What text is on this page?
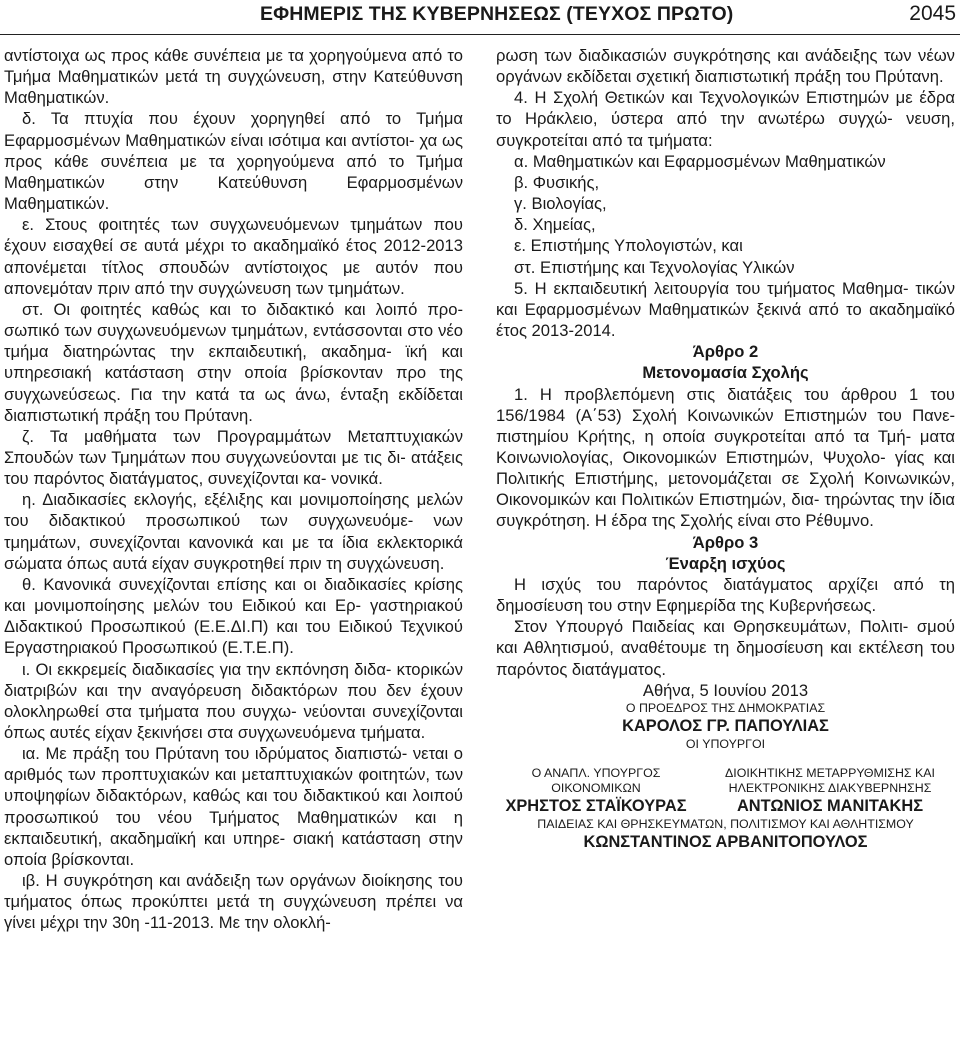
ΕΦΗΜΕΡΙΣ ΤΗΣ ΚΥΒΕΡΝΗΣΕΩΣ (ΤΕΥΧΟΣ ΠΡΩΤΟ)	2045

αντίστοιχα ως προς κάθε συνέπεια με τα χορηγούμενα από το Τμήμα Μαθηματικών μετά τη συγχώνευση, στην Κατεύθυνση Μαθηματικών.

δ. Τα πτυχία που έχουν χορηγηθεί από το Τμήμα Εφαρμοσμένων Μαθηματικών είναι ισότιμα και αντίστοι- χα ως προς κάθε συνέπεια με τα χορηγούμενα από το Τμήμα Μαθηματικών στην Κατεύθυνση Εφαρμοσμένων Μαθηματικών.

ε. Στους φοιτητές των συγχωνευόμενων τμημάτων που έχουν εισαχθεί σε αυτά μέχρι το ακαδημαϊκό έτος 2012-2013 απονέμεται τίτλος σπουδών αντίστοιχος με αυτόν που απονεμόταν πριν από την συγχώνευση των τμημάτων.

στ. Οι φοιτητές καθώς και το διδακτικό και λοιπό προ- σωπικό των συγχωνευόμενων τμημάτων, εντάσσονται στο νέο τμήμα διατηρώντας την εκπαιδευτική, ακαδημα- ϊκή και υπηρεσιακή κατάσταση στην οποία βρίσκονταν προ της συγχωνεύσεως. Για την κατά τα ως άνω, ένταξη εκδίδεται διαπιστωτική πράξη του Πρύτανη.

ζ. Τα μαθήματα των Προγραμμάτων Μεταπτυχιακών Σπουδών των Τμημάτων που συγχωνεύονται με τις δι- ατάξεις του παρόντος διατάγματος, συνεχίζονται κα- νονικά.

η. Διαδικασίες εκλογής, εξέλιξης και μονιμοποίησης μελών του διδακτικού προσωπικού των συγχωνευόμε- νων τμημάτων, συνεχίζονται κανονικά και με τα ίδια εκλεκτορικά σώματα όπως αυτά είχαν συγκροτηθεί πριν τη συγχώνευση.

θ. Κανονικά συνεχίζονται επίσης και οι διαδικασίες κρίσης και μονιμοποίησης μελών του Ειδικού και Ερ- γαστηριακού Διδακτικού Προσωπικού (Ε.Ε.ΔΙ.Π) και του Ειδικού Τεχνικού Εργαστηριακού Προσωπικού (Ε.Τ.Ε.Π).

ι. Οι εκκρεμείς διαδικασίες για την εκπόνηση διδα- κτορικών διατριβών και την αναγόρευση διδακτόρων που δεν έχουν ολοκληρωθεί στα τμήματα που συγχω- νεύονται συνεχίζονται όπως αυτές είχαν ξεκινήσει στα συγχωνευόμενα τμήματα.

ια. Με πράξη του Πρύτανη του ιδρύματος διαπιστώ- νεται ο αριθμός των προπτυχιακών και μεταπτυχιακών φοιτητών, των υποψηφίων διδακτόρων, καθώς και του διδακτικού και λοιπού προσωπικού του νέου Τμήματος Μαθηματικών και η εκπαιδευτική, ακαδημαϊκή και υπηρε- σιακή κατάσταση στην οποία βρίσκονται.

ιβ. Η συγκρότηση και ανάδειξη των οργάνων διοίκησης του τμήματος όπως προκύπτει μετά τη συγχώνευση πρέπει να γίνει μέχρι την 30η -11-2013. Με την ολοκλή-

ρωση των διαδικασιών συγκρότησης και ανάδειξης των νέων οργάνων εκδίδεται σχετική διαπιστωτική πράξη του Πρύτανη.

4. Η Σχολή Θετικών και Τεχνολογικών Επιστημών με έδρα το Ηράκλειο, ύστερα από την ανωτέρω συγχώ- νευση, συγκροτείται από τα τμήματα:

α. Μαθηματικών και Εφαρμοσμένων Μαθηματικών

β. Φυσικής,

γ. Βιολογίας,

δ. Χημείας,

ε. Επιστήμης Υπολογιστών, και

στ. Επιστήμης και Τεχνολογίας Υλικών

5. Η εκπαιδευτική λειτουργία του τμήματος Μαθημα- τικών και Εφαρμοσμένων Μαθηματικών ξεκινά από το ακαδημαϊκό έτος 2013-2014.

Άρθρο 2

Μετονομασία Σχολής

1. Η προβλεπόμενη στις διατάξεις του άρθρου 1 του 156/1984 (Α΄53) Σχολή Κοινωνικών Επιστημών του Πανε- πιστημίου Κρήτης, η οποία συγκροτείται από τα Τμή- ματα Κοινωνιολογίας, Οικονομικών Επιστημών, Ψυχολο- γίας και Πολιτικής Επιστήμης, μετονομάζεται σε Σχολή Κοινωνικών, Οικονομικών και Πολιτικών Επιστημών, δια- τηρώντας την ίδια συγκρότηση. Η έδρα της Σχολής είναι στο Ρέθυμνο.

Άρθρο 3

Έναρξη ισχύος

Η ισχύς του παρόντος διατάγματος αρχίζει από τη δημοσίευση του στην Εφημερίδα της Κυβερνήσεως.

Στον Υπουργό Παιδείας και Θρησκευμάτων, Πολιτι- σμού και Αθλητισμού, αναθέτουμε τη δημοσίευση και εκτέλεση του παρόντος διατάγματος.

Αθήνα, 5 Ιουνίου 2013

Ο ΠΡΟΕΔΡΟΣ ΤΗΣ ΔΗΜΟΚΡΑΤΙΑΣ

ΚΑΡΟΛΟΣ ΓΡ. ΠΑΠΟΥΛΙΑΣ

ΟΙ ΥΠΟΥΡΓΟΙ

Ο ΑΝΑΠΛ. ΥΠΟΥΡΓΟΣ ΟΙΚΟΝΟΜΙΚΩΝ

ΧΡΗΣΤΟΣ ΣΤΑΪΚΟΥΡΑΣ

ΔΙΟΙΚΗΤΙΚΗΣ ΜΕΤΑΡΡΥΘΜΙΣΗΣ ΚΑΙ ΗΛΕΚΤΡΟΝΙΚΗΣ ΔΙΑΚΥΒΕΡΝΗΣΗΣ

ΑΝΤΩΝΙΟΣ ΜΑΝΙΤΑΚΗΣ

ΠΑΙΔΕΙΑΣ ΚΑΙ ΘΡΗΣΚΕΥΜΑΤΩΝ, ΠΟΛΙΤΙΣΜΟΥ ΚΑΙ ΑΘΛΗΤΙΣΜΟΥ

ΚΩΝΣΤΑΝΤΙΝΟΣ ΑΡΒΑΝΙΤΟΠΟΥΛΟΣ
